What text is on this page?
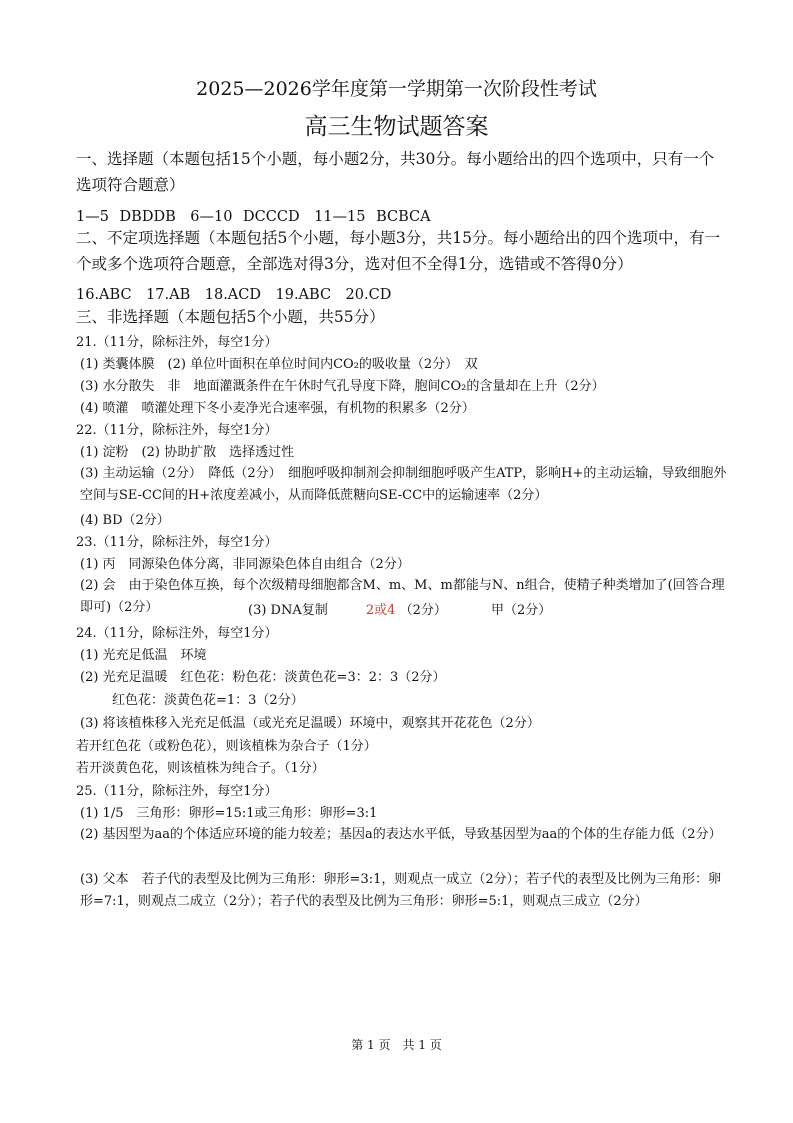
2025—2026学年度第一学期第一次阶段性考试
高三生物试题答案
一、选择题（本题包括15个小题，每小题2分，共30分。每小题给出的四个选项中，只有一个选项符合题意）
1—5 DBDDB　6—10 DCCCD　11—15 BCBCA
二、不定项选择题（本题包括5个小题，每小题3分，共15分。每小题给出的四个选项中，有一个或多个选项符合题意，全部选对得3分，选对但不全得1分，选错或不答得0分）
16.ABC　17.AB　18.ACD　19.ABC　20.CD
三、非选择题（本题包括5个小题，共55分）
21.（11分，除标注外，每空1分）
(1) 类囊体膜　(2) 单位叶面积在单位时间内CO₂的吸收量（2分）　双
(3) 水分散失　非　地面灌溉条件在午休时气孔导度下降，胞间CO₂的含量却在上升（2分）
(4) 喷灌　喷灌处理下冬小麦净光合速率强，有机物的积累多（2分）
22.（11分，除标注外，每空1分）
(1) 淀粉　(2) 协助扩散　选择透过性
(3) 主动运输（2分）　降低（2分）　细胞呼吸抑制剂会抑制细胞呼吸产生ATP，影响H+的主动运输，导致细胞外空间与SE-CC间的H+浓度差减小，从而降低蔗糖向SE-CC中的运输速率（2分）
(4) BD（2分）
23.（11分，除标注外，每空1分）
(1) 丙　同源染色体分离，非同源染色体自由组合（2分）
(2) 会　由于染色体互换，每个次级精母细胞都含M、m、M、m都能与N、n组合，使精子种类增加了(回答合理即可)（2分）	(3) DNA复制	2或4 （2分）	甲（2分）
24.（11分，除标注外，每空1分）
(1) 光充足低温　环境
(2) 光充足温暖　红色花：粉色花：淡黄色花=3：2：3（2分）
红色花：淡黄色花=1：3（2分）
(3) 将该植株移入光充足低温（或光充足温暖）环境中，观察其开花花色（2分）
若开红色花（或粉色花），则该植株为杂合子（1分）
若开淡黄色花，则该植株为纯合子。（1分）
25.（11分，除标注外，每空1分）
(1) 1/5　三角形：卵形=15:1或三角形：卵形=3:1
(2) 基因型为aa的个体适应环境的能力较差；基因a的表达水平低，导致基因型为aa的个体的生存能力低（2分）
(3) 父本　若子代的表型及比例为三角形：卵形=3:1，则观点一成立（2分）；若子代的表型及比例为三角形：卵形=7:1，则观点二成立（2分）；若子代的表型及比例为三角形：卵形=5:1，则观点三成立（2分）
第 1 页　共 1 页
